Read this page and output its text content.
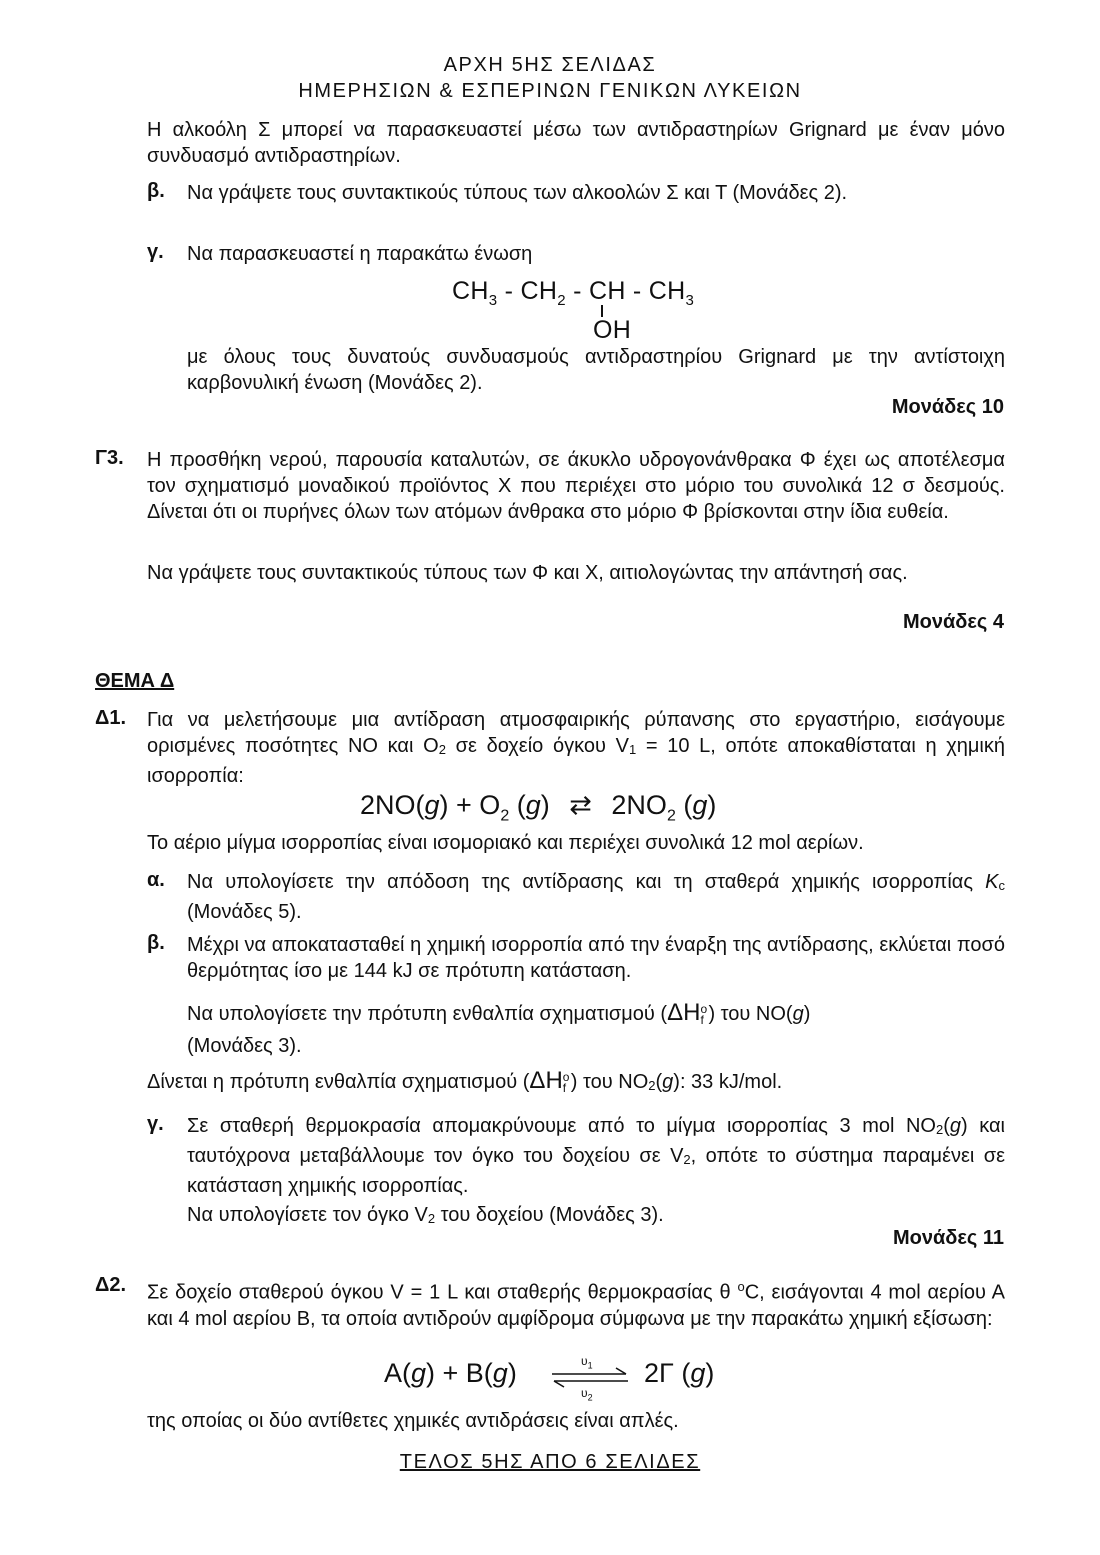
ΑΡΧΗ 5ΗΣ ΣΕΛΙΔΑΣ
ΗΜΕΡΗΣΙΩΝ & ΕΣΠΕΡΙΝΩΝ ΓΕΝΙΚΩΝ ΛΥΚΕΙΩΝ
Η αλκοόλη Σ μπορεί να παρασκευαστεί μέσω των αντιδραστηρίων Grignard με έναν μόνο συνδυασμό αντιδραστηρίων.
β. Να γράψετε τους συντακτικούς τύπους των αλκοολών Σ και Τ (Μονάδες 2).
γ. Να παρασκευαστεί η παρακάτω ένωση
$CH_3 - CH_2$ - CH - $CH_3$
OH
με όλους τους δυνατούς συνδυασμούς αντιδραστηρίου Grignard με την αντίστοιχη καρβονυλική ένωση (Μονάδες 2).
Μονάδες 10
Γ3. Η προσθήκη νερού, παρουσία καταλυτών, σε άκυκλο υδρογονάνθρακα Φ έχει ως αποτέλεσμα τον σχηματισμό μοναδικού προϊόντος Χ που περιέχει στο μόριο του συνολικά 12 σ δεσμούς. Δίνεται ότι οι πυρήνες όλων των ατόμων άνθρακα στο μόριο Φ βρίσκονται στην ίδια ευθεία.
Να γράψετε τους συντακτικούς τύπους των Φ και Χ, αιτιολογώντας την απάντησή σας.
Μονάδες 4
ΘΕΜΑ Δ
Δ1. Για να μελετήσουμε μια αντίδραση ατμοσφαιρικής ρύπανσης στο εργαστήριο, εισάγουμε ορισμένες ποσότητες NO και O2 σε δοχείο όγκου V1 = 10 L, οπότε αποκαθίσταται η χημική ισορροπία:
$2NO(g) + O_2$ (g) ⇄ $2NO_2$ (g)
Το αέριο μίγμα ισορροπίας είναι ισομοριακό και περιέχει συνολικά 12 mol αερίων.
α. Να υπολογίσετε την απόδοση της αντίδρασης και τη σταθερά χημικής ισορροπίας Kc (Μονάδες 5).
β. Μέχρι να αποκατασταθεί η χημική ισορροπία από την έναρξη της αντίδρασης, εκλύεται ποσό θερμότητας ίσο με 144 kJ σε πρότυπη κατάσταση.
Να υπολογίσετε την πρότυπη ενθαλπία σχηματισμού (ΔH o
f ) του NO(g)
(Μονάδες 3).
Δίνεται η πρότυπη ενθαλπία σχηματισμού (ΔH o
f ) του NO2(g): 33 kJ/mol.
γ. Σε σταθερή θερμοκρασία απομακρύνουμε από το μίγμα ισορροπίας 3 mol NO2(g) και ταυτόχρονα μεταβάλλουμε τον όγκο του δοχείου σε V2, οπότε το σύστημα παραμένει σε κατάσταση χημικής ισορροπίας.
Να υπολογίσετε τον όγκο V2 του δοχείου (Μονάδες 3).
Μονάδες 11
Δ2. Σε δοχείο σταθερού όγκου V = 1 L και σταθερής θερμοκρασίας θ $^o$C, εισάγονται 4 mol αερίου Α και 4 mol αερίου Β, τα οποία αντιδρούν αμφίδρομα σύμφωνα με την παρακάτω χημική εξίσωση:
A(g) + B(g)	$\upsilon_1$
$\upsilon_2$
2Γ (g)
της οποίας οι δύο αντίθετες χημικές αντιδράσεις είναι απλές.
ΤΕΛΟΣ 5ΗΣ ΑΠΟ 6 ΣΕΛΙΔΕΣ
